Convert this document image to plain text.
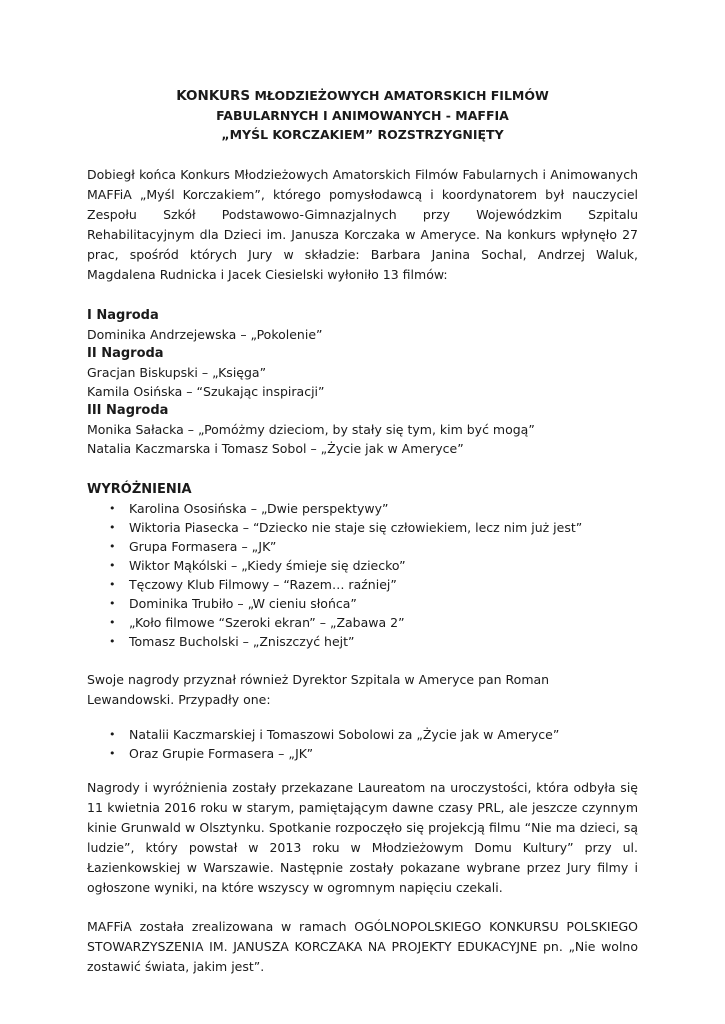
KONKURS MŁODZIEŻOWYCH AMATORSKICH FILMÓW
FABULARNYCH I ANIMOWANYCH - MAFFIA
„MYŚL KORCZAKIEM” ROZSTRZYGNIĘTY

Dobiegł końca Konkurs Młodzieżowych Amatorskich Filmów Fabularnych i Animowanych MAFFiA „Myśl Korczakiem”, którego pomysłodawcą i koordynatorem był nauczyciel Zespołu Szkół Podstawowo-Gimnazjalnych przy Wojewódzkim Szpitalu Rehabilitacyjnym dla Dzieci im. Janusza Korczaka w Ameryce. Na konkurs wpłynęło 27 prac, spośród których Jury w składzie: Barbara Janina Sochal, Andrzej Waluk, Magdalena Rudnicka i Jacek Ciesielski wyłoniło 13 filmów:

I Nagroda
Dominika Andrzejewska – „Pokolenie”
II Nagroda
Gracjan Biskupski – „Księga”
Kamila Osińska – “Szukając inspiracji”
III Nagroda
Monika Sałacka – „Pomóżmy dzieciom, by stały się tym, kim być mogą”
Natalia Kaczmarska i Tomasz Sobol – „Życie jak w Ameryce”
WYRÓŻNIENIA
• Karolina Ososińska – „Dwie perspektywy”
• Wiktoria Piasecka – “Dziecko nie staje się człowiekiem, lecz nim już jest”
• Grupa Formasera – „JK”
• Wiktor Mąkólski – „Kiedy śmieje się dziecko”
• Tęczowy Klub Filmowy – “Razem… raźniej”
• Dominika Trubiło – „W cieniu słońca”
• „Koło filmowe “Szeroki ekran” – „Zabawa 2”
• Tomasz Bucholski – „Zniszczyć hejt”

Swoje nagrody przyznał również Dyrektor Szpitala w Ameryce pan Roman Lewandowski. Przypadły one:

• Natalii Kaczmarskiej i Tomaszowi Sobolowi za „Życie jak w Ameryce”
• Oraz Grupie Formasera – „JK”

Nagrody i wyróżnienia zostały przekazane Laureatom na uroczystości, która odbyła się 11 kwietnia 2016 roku w starym, pamiętającym dawne czasy PRL, ale jeszcze czynnym kinie Grunwald w Olsztynku. Spotkanie rozpoczęło się projekcją filmu “Nie ma dzieci, są ludzie”, który powstał w 2013 roku w Młodzieżowym Domu Kultury” przy ul. Łazienkowskiej w Warszawie. Następnie zostały pokazane wybrane przez Jury filmy i ogłoszone wyniki, na które wszyscy w ogromnym napięciu czekali.

MAFFiA została zrealizowana w ramach OGÓLNOPOLSKIEGO KONKURSU POLSKIEGO STOWARZYSZENIA IM. JANUSZA KORCZAKA NA PROJEKTY EDUKACYJNE pn. „Nie wolno zostawić świata, jakim jest”.
